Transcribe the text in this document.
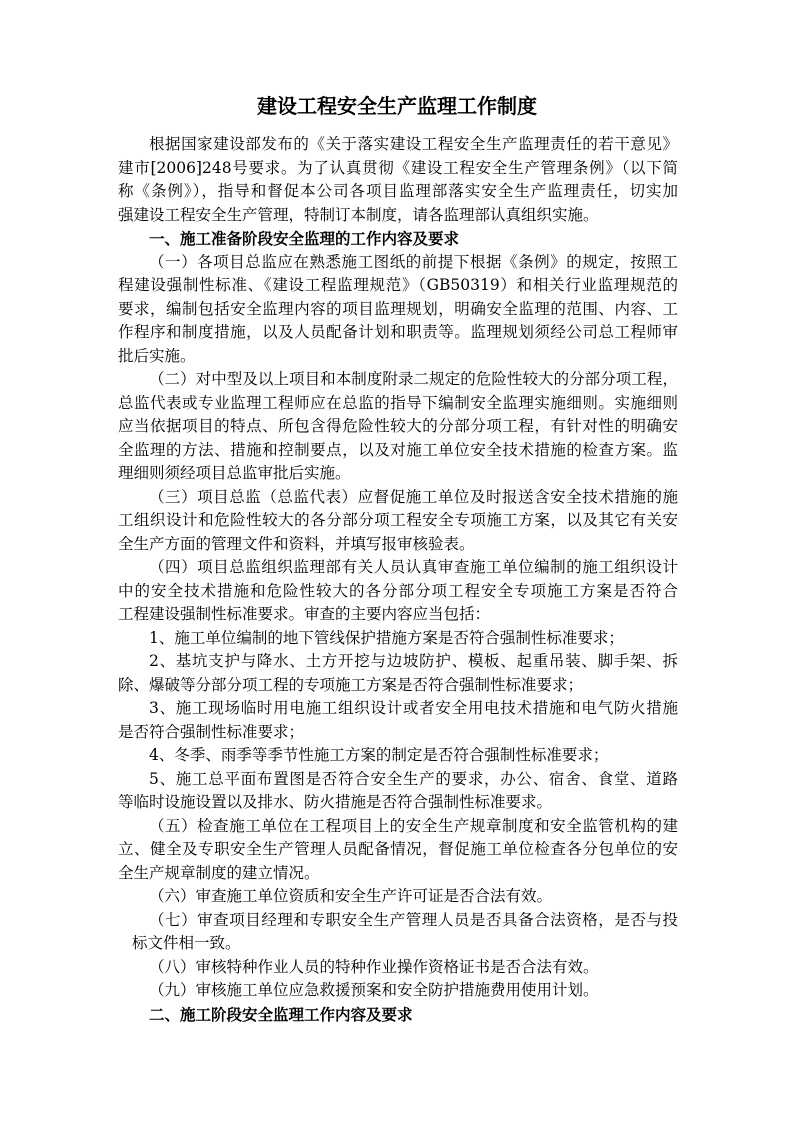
建设工程安全生产监理工作制度
根据国家建设部发布的《关于落实建设工程安全生产监理责任的若干意见》
建市[2006]248号要求。为了认真贯彻《建设工程安全生产管理条例》（以下简
称《条例》），指导和督促本公司各项目监理部落实安全生产监理责任，切实加
强建设工程安全生产管理，特制订本制度，请各监理部认真组织实施。
一、施工准备阶段安全监理的工作内容及要求
（一）各项目总监应在熟悉施工图纸的前提下根据《条例》的规定，按照工
程建设强制性标准、《建设工程监理规范》（GB50319）和相关行业监理规范的
要求，编制包括安全监理内容的项目监理规划，明确安全监理的范围、内容、工
作程序和制度措施，以及人员配备计划和职责等。监理规划须经公司总工程师审
批后实施。
（二）对中型及以上项目和本制度附录二规定的危险性较大的分部分项工程，
总监代表或专业监理工程师应在总监的指导下编制安全监理实施细则。实施细则
应当依据项目的特点、所包含得危险性较大的分部分项工程，有针对性的明确安
全监理的方法、措施和控制要点，以及对施工单位安全技术措施的检查方案。监
理细则须经项目总监审批后实施。
（三）项目总监（总监代表）应督促施工单位及时报送含安全技术措施的施
工组织设计和危险性较大的各分部分项工程安全专项施工方案，以及其它有关安
全生产方面的管理文件和资料，并填写报审核验表。
（四）项目总监组织监理部有关人员认真审查施工单位编制的施工组织设计
中的安全技术措施和危险性较大的各分部分项工程安全专项施工方案是否符合
工程建设强制性标准要求。审查的主要内容应当包括：
1、施工单位编制的地下管线保护措施方案是否符合强制性标准要求；
2、基坑支护与降水、土方开挖与边坡防护、模板、起重吊装、脚手架、拆
除、爆破等分部分项工程的专项施工方案是否符合强制性标准要求；
3、施工现场临时用电施工组织设计或者安全用电技术措施和电气防火措施
是否符合强制性标准要求；
4、冬季、雨季等季节性施工方案的制定是否符合强制性标准要求；
5、施工总平面布置图是否符合安全生产的要求，办公、宿舍、食堂、道路
等临时设施设置以及排水、防火措施是否符合强制性标准要求。
（五）检查施工单位在工程项目上的安全生产规章制度和安全监管机构的建
立、健全及专职安全生产管理人员配备情况，督促施工单位检查各分包单位的安
全生产规章制度的建立情况。
（六）审查施工单位资质和安全生产许可证是否合法有效。
（七）审查项目经理和专职安全生产管理人员是否具备合法资格，是否与投
标文件相一致。
（八）审核特种作业人员的特种作业操作资格证书是否合法有效。
（九）审核施工单位应急救援预案和安全防护措施费用使用计划。
二、施工阶段安全监理工作内容及要求
